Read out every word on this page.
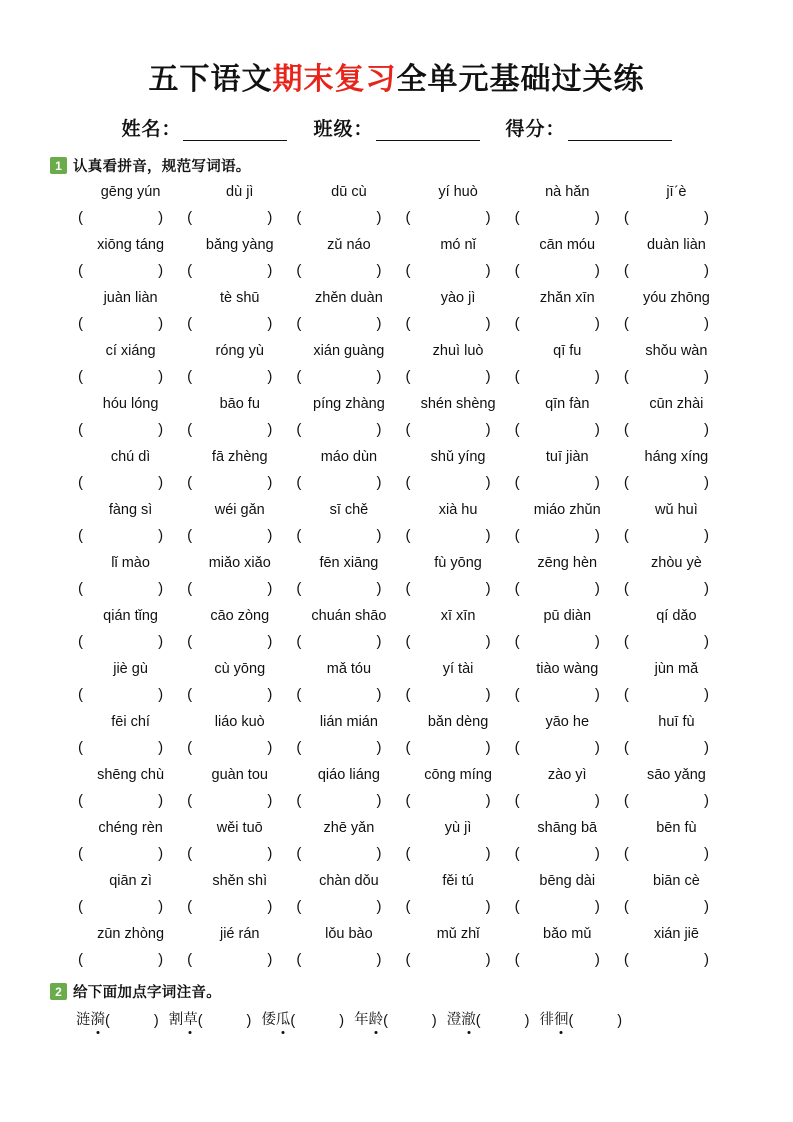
五下语文期末复习全单元基础过关练
姓名：	班级：	得分：
1 认真看拼音，规范写词语。
gēng yún	dù jì	dū cù	yí huò	nà hǎn	jīˊè
(	) (	) (	) (	) (	) (	)
xiōng táng	bǎng yàng	zǔ náo	mó nǐ	cān móu	duàn liàn
(	) (	) (	) (	) (	) (	)
juàn liàn	tè shū	zhěn duàn	yào jì	zhǎn xīn	yóu zhōng
(	) (	) (	) (	) (	) (	)
cí xiáng	róng yù	xián guàng	zhuì luò	qī fu	shǒu wàn
(	) (	) (	) (	) (	) (	)
hóu lóng	bāo fu	píng zhàng	shén shèng	qīn fàn	cūn zhài
(	) (	) (	) (	) (	) (	)
chú dì	fā zhèng	máo dùn	shǔ yíng	tuī jiàn	háng xíng
(	) (	) (	) (	) (	) (	)
fàng sì	wéi gǎn	sī chě	xià hu	miáo zhǔn	wǔ huì
(	) (	) (	) (	) (	) (	)
lǐ mào	miǎo xiǎo	fēn xiāng	fù yōng	zēng hèn	zhòu yè
(	) (	) (	) (	) (	) (	)
qián tǐng	cāo zòng	chuán shāo	xī xīn	pū diàn	qí dǎo
(	) (	) (	) (	) (	) (	)
jiè gù	cù yōng	mǎ tóu	yí tài	tiào wàng	jùn mǎ
(	) (	) (	) (	) (	) (	)
fēi chí	liáo kuò	lián mián	bǎn dèng	yāo he	huī fù
(	) (	) (	) (	) (	) (	)
shēng chù	guàn tou	qiáo liáng	cōng míng	zào yì	sāo yǎng
(	) (	) (	) (	) (	) (	)
chéng rèn	wěi tuō	zhē yǎn	yù jì	shāng bā	bēn fù
(	) (	) (	) (	) (	) (	)
qiān zì	shěn shì	chàn dǒu	fěi tú	bēng dài	biān cè
(	) (	) (	) (	) (	) (	)
zūn zhòng	jié rán	lǒu bào	mǔ zhǐ	bǎo mǔ	xián jiē
(	) (	) (	) (	) (	) (	)
2 给下面加点字词注音。
涟 漪 (	) 割 草 (	) 倭 瓜 (	) 年 龄 (	) 澄 澈 (	) 徘 徊 (	)
